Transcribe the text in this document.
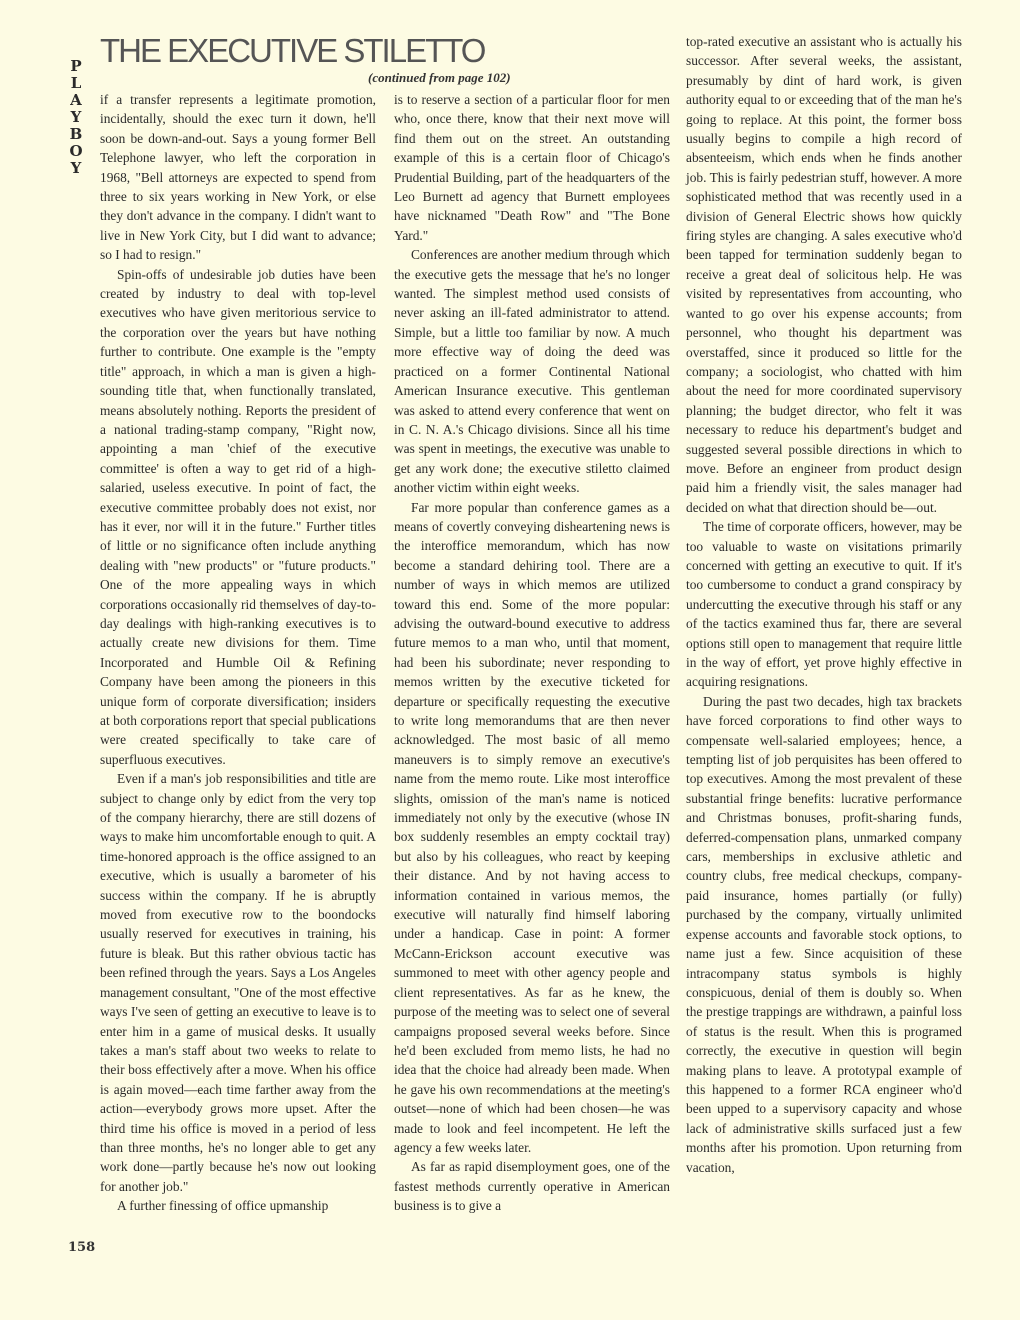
P
L
A
Y
B
O
Y
THE EXECUTIVE STILETTO
(continued from page 102)

if a transfer represents a legitimate promotion, incidentally, should the exec turn it down, he'll soon be down-and-out. Says a young former Bell Telephone lawyer, who left the corporation in 1968, "Bell attorneys are expected to spend from three to six years working in New York, or else they don't advance in the company. I didn't want to live in New York City, but I did want to advance; so I had to resign."

Spin-offs of undesirable job duties have been created by industry to deal with top-level executives who have given meritorious service to the corporation over the years but have nothing further to contribute. One example is the "empty title" approach, in which a man is given a high-sounding title that, when functionally translated, means absolutely nothing. Reports the president of a national trading-stamp company, "Right now, appointing a man 'chief of the executive committee' is often a way to get rid of a high-salaried, useless executive. In point of fact, the executive committee probably does not exist, nor has it ever, nor will it in the future." Further titles of little or no significance often include anything dealing with "new products" or "future products." One of the more appealing ways in which corporations occasionally rid themselves of day-to-day dealings with high-ranking executives is to actually create new divisions for them. Time Incorporated and Humble Oil & Refining Company have been among the pioneers in this unique form of corporate diversification; insiders at both corporations report that special publications were created specifically to take care of superfluous executives.

Even if a man's job responsibilities and title are subject to change only by edict from the very top of the company hierarchy, there are still dozens of ways to make him uncomfortable enough to quit. A time-honored approach is the office assigned to an executive, which is usually a barometer of his success within the company. If he is abruptly moved from executive row to the boondocks usually reserved for executives in training, his future is bleak. But this rather obvious tactic has been refined through the years. Says a Los Angeles management consultant, "One of the most effective ways I've seen of getting an executive to leave is to enter him in a game of musical desks. It usually takes a man's staff about two weeks to relate to their boss effectively after a move. When his office is again moved—each time farther away from the action—everybody grows more upset. After the third time his office is moved in a period of less than three months, he's no longer able to get any work done—partly because he's now out looking for another job."

A further finessing of office upmanship

is to reserve a section of a particular floor for men who, once there, know that their next move will find them out on the street. An outstanding example of this is a certain floor of Chicago's Prudential Building, part of the headquarters of the Leo Burnett ad agency that Burnett employees have nicknamed "Death Row" and "The Bone Yard."

Conferences are another medium through which the executive gets the message that he's no longer wanted. The simplest method used consists of never asking an ill-fated administrator to attend. Simple, but a little too familiar by now. A much more effective way of doing the deed was practiced on a former Continental National American Insurance executive. This gentleman was asked to attend every conference that went on in C. N. A.'s Chicago divisions. Since all his time was spent in meetings, the executive was unable to get any work done; the executive stiletto claimed another victim within eight weeks.

Far more popular than conference games as a means of covertly conveying disheartening news is the interoffice memorandum, which has now become a standard dehiring tool. There are a number of ways in which memos are utilized toward this end. Some of the more popular: advising the outward-bound executive to address future memos to a man who, until that moment, had been his subordinate; never responding to memos written by the executive ticketed for departure or specifically requesting the executive to write long memorandums that are then never acknowledged. The most basic of all memo maneuvers is to simply remove an executive's name from the memo route. Like most interoffice slights, omission of the man's name is noticed immediately not only by the executive (whose IN box suddenly resembles an empty cocktail tray) but also by his colleagues, who react by keeping their distance. And by not having access to information contained in various memos, the executive will naturally find himself laboring under a handicap. Case in point: A former McCann-Erickson account executive was summoned to meet with other agency people and client representatives. As far as he knew, the purpose of the meeting was to select one of several campaigns proposed several weeks before. Since he'd been excluded from memo lists, he had no idea that the choice had already been made. When he gave his own recommendations at the meeting's outset—none of which had been chosen—he was made to look and feel incompetent. He left the agency a few weeks later.

As far as rapid disemployment goes, one of the fastest methods currently operative in American business is to give a

top-rated executive an assistant who is actually his successor. After several weeks, the assistant, presumably by dint of hard work, is given authority equal to or exceeding that of the man he's going to replace. At this point, the former boss usually begins to compile a high record of absenteeism, which ends when he finds another job. This is fairly pedestrian stuff, however. A more sophisticated method that was recently used in a division of General Electric shows how quickly firing styles are changing. A sales executive who'd been tapped for termination suddenly began to receive a great deal of solicitous help. He was visited by representatives from accounting, who wanted to go over his expense accounts; from personnel, who thought his department was overstaffed, since it produced so little for the company; a sociologist, who chatted with him about the need for more coordinated supervisory planning; the budget director, who felt it was necessary to reduce his department's budget and suggested several possible directions in which to move. Before an engineer from product design paid him a friendly visit, the sales manager had decided on what that direction should be—out.

The time of corporate officers, however, may be too valuable to waste on visitations primarily concerned with getting an executive to quit. If it's too cumbersome to conduct a grand conspiracy by undercutting the executive through his staff or any of the tactics examined thus far, there are several options still open to management that require little in the way of effort, yet prove highly effective in acquiring resignations.

During the past two decades, high tax brackets have forced corporations to find other ways to compensate well-salaried employees; hence, a tempting list of job perquisites has been offered to top executives. Among the most prevalent of these substantial fringe benefits: lucrative performance and Christmas bonuses, profit-sharing funds, deferred-compensation plans, unmarked company cars, memberships in exclusive athletic and country clubs, free medical checkups, company-paid insurance, homes partially (or fully) purchased by the company, virtually unlimited expense accounts and favorable stock options, to name just a few. Since acquisition of these intracompany status symbols is highly conspicuous, denial of them is doubly so. When the prestige trappings are withdrawn, a painful loss of status is the result. When this is programed correctly, the executive in question will begin making plans to leave. A prototypal example of this happened to a former RCA engineer who'd been upped to a supervisory capacity and whose lack of administrative skills surfaced just a few months after his promotion. Upon returning from vacation,

158
